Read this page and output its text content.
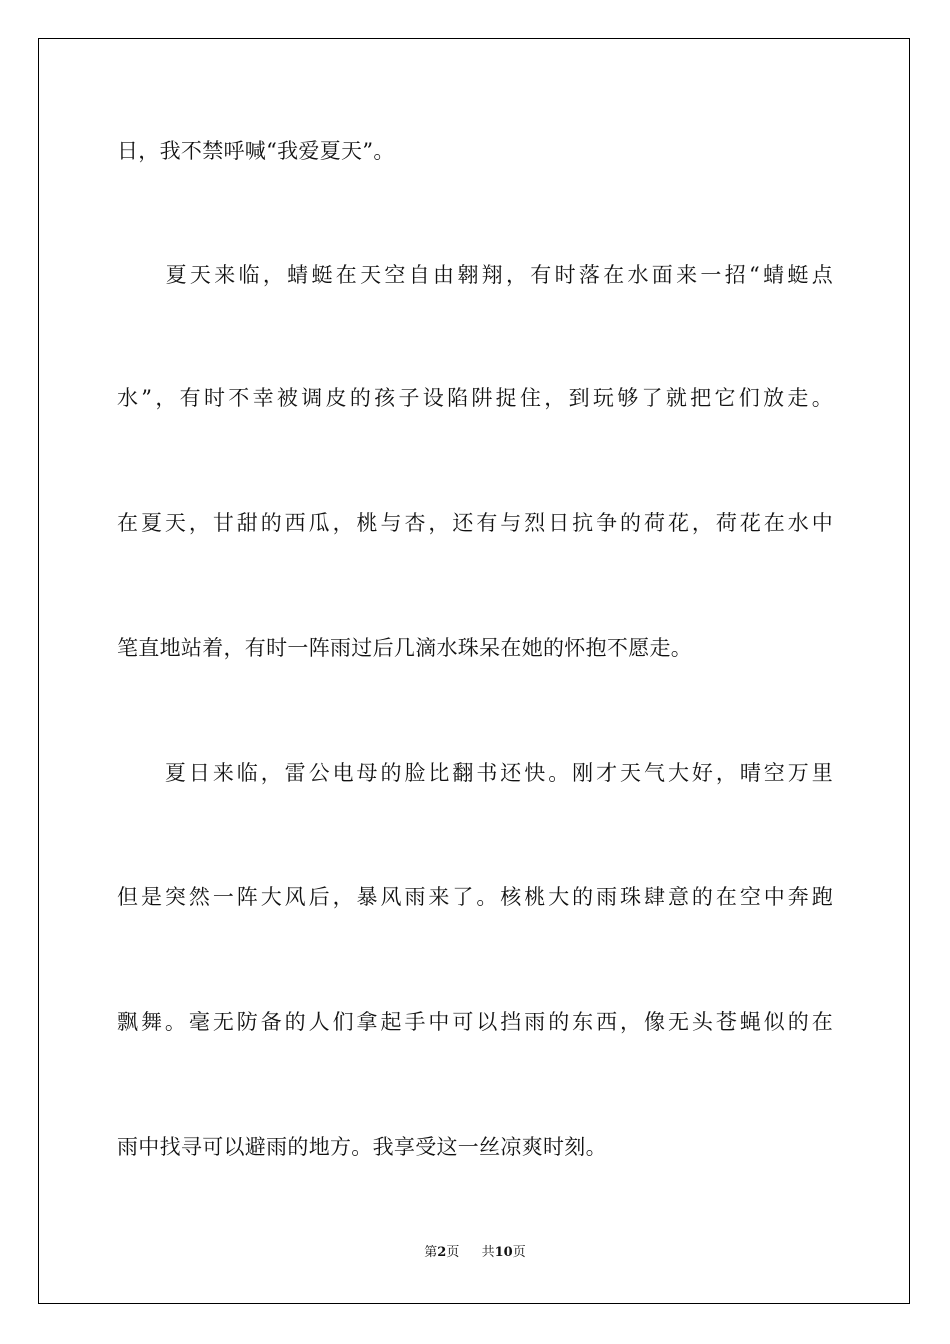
日，我不禁呼喊“我爱夏天”。
　　夏天来临，蜻蜓在天空自由翱翔，有时落在水面来一招“蜻蜓点
水”，有时不幸被调皮的孩子设陷阱捉住，到玩够了就把它们放走。
在夏天，甘甜的西瓜，桃与杏，还有与烈日抗争的荷花，荷花在水中
笔直地站着，有时一阵雨过后几滴水珠呆在她的怀抱不愿走。
　　夏日来临，雷公电母的脸比翻书还快。刚才天气大好，晴空万里
但是突然一阵大风后，暴风雨来了。核桃大的雨珠肆意的在空中奔跑
飘舞。毫无防备的人们拿起手中可以挡雨的东西，像无头苍蝇似的在
雨中找寻可以避雨的地方。我享受这一丝凉爽时刻。
第2页 共10页
